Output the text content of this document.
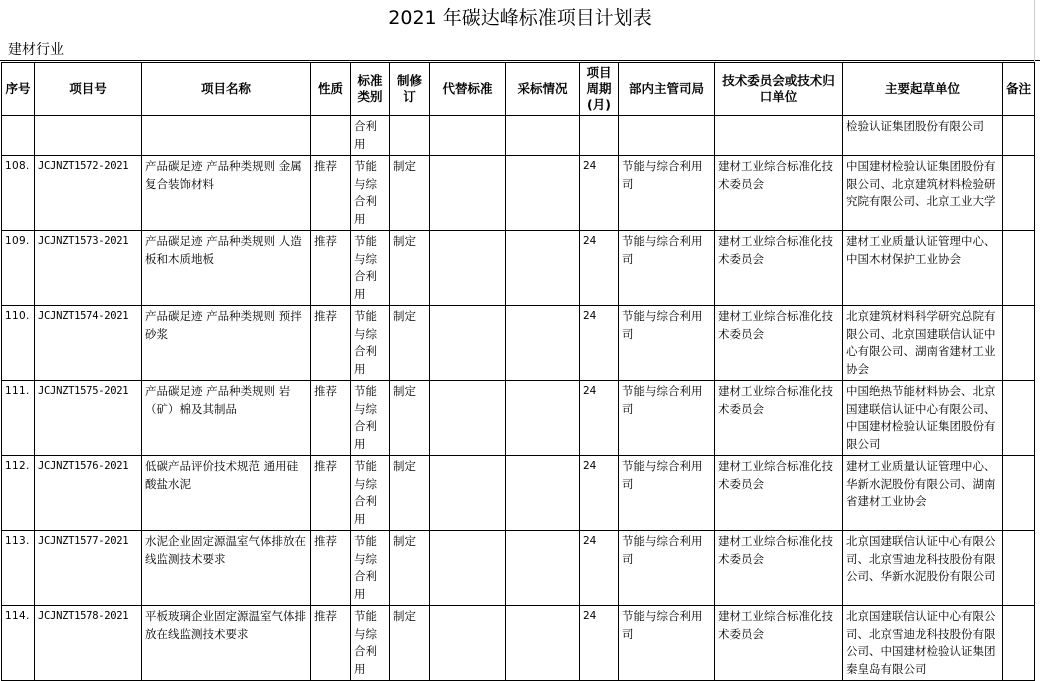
2021 年碳达峰标准项目计划表
建材行业
序号	项目号	项目名称	性质	标准类别	制修订	代替标准	采标情况	项目周期(月)	部内主管司局	技术委员会或技术归口单位	主要起草单位	备注
				合利用							检验认证集团股份有限公司	
108.	JCJNZT1572-2021	产品碳足迹 产品种类规则 金属复合装饰材料	推荐	节能与综合利用	制定			24	节能与综合利用司	建材工业综合标准化技术委员会	中国建材检验认证集团股份有限公司、北京建筑材料检验研究院有限公司、北京工业大学	
109.	JCJNZT1573-2021	产品碳足迹 产品种类规则 人造板和木质地板	推荐	节能与综合利用	制定			24	节能与综合利用司	建材工业综合标准化技术委员会	建材工业质量认证管理中心、中国木材保护工业协会	
110.	JCJNZT1574-2021	产品碳足迹 产品种类规则 预拌砂浆	推荐	节能与综合利用	制定			24	节能与综合利用司	建材工业综合标准化技术委员会	北京建筑材料科学研究总院有限公司、北京国建联信认证中心有限公司、湖南省建材工业协会	
111.	JCJNZT1575-2021	产品碳足迹 产品种类规则 岩（矿）棉及其制品	推荐	节能与综合利用	制定			24	节能与综合利用司	建材工业综合标准化技术委员会	中国绝热节能材料协会、北京国建联信认证中心有限公司、中国建材检验认证集团股份有限公司	
112.	JCJNZT1576-2021	低碳产品评价技术规范 通用硅酸盐水泥	推荐	节能与综合利用	制定			24	节能与综合利用司	建材工业综合标准化技术委员会	建材工业质量认证管理中心、华新水泥股份有限公司、湖南省建材工业协会	
113.	JCJNZT1577-2021	水泥企业固定源温室气体排放在线监测技术要求	推荐	节能与综合利用	制定			24	节能与综合利用司	建材工业综合标准化技术委员会	北京国建联信认证中心有限公司、北京雪迪龙科技股份有限公司、华新水泥股份有限公司	
114.	JCJNZT1578-2021	平板玻璃企业固定源温室气体排放在线监测技术要求	推荐	节能与综合利用	制定			24	节能与综合利用司	建材工业综合标准化技术委员会	北京国建联信认证中心有限公司、北京雪迪龙科技股份有限公司、中国建材检验认证集团秦皇岛有限公司	
